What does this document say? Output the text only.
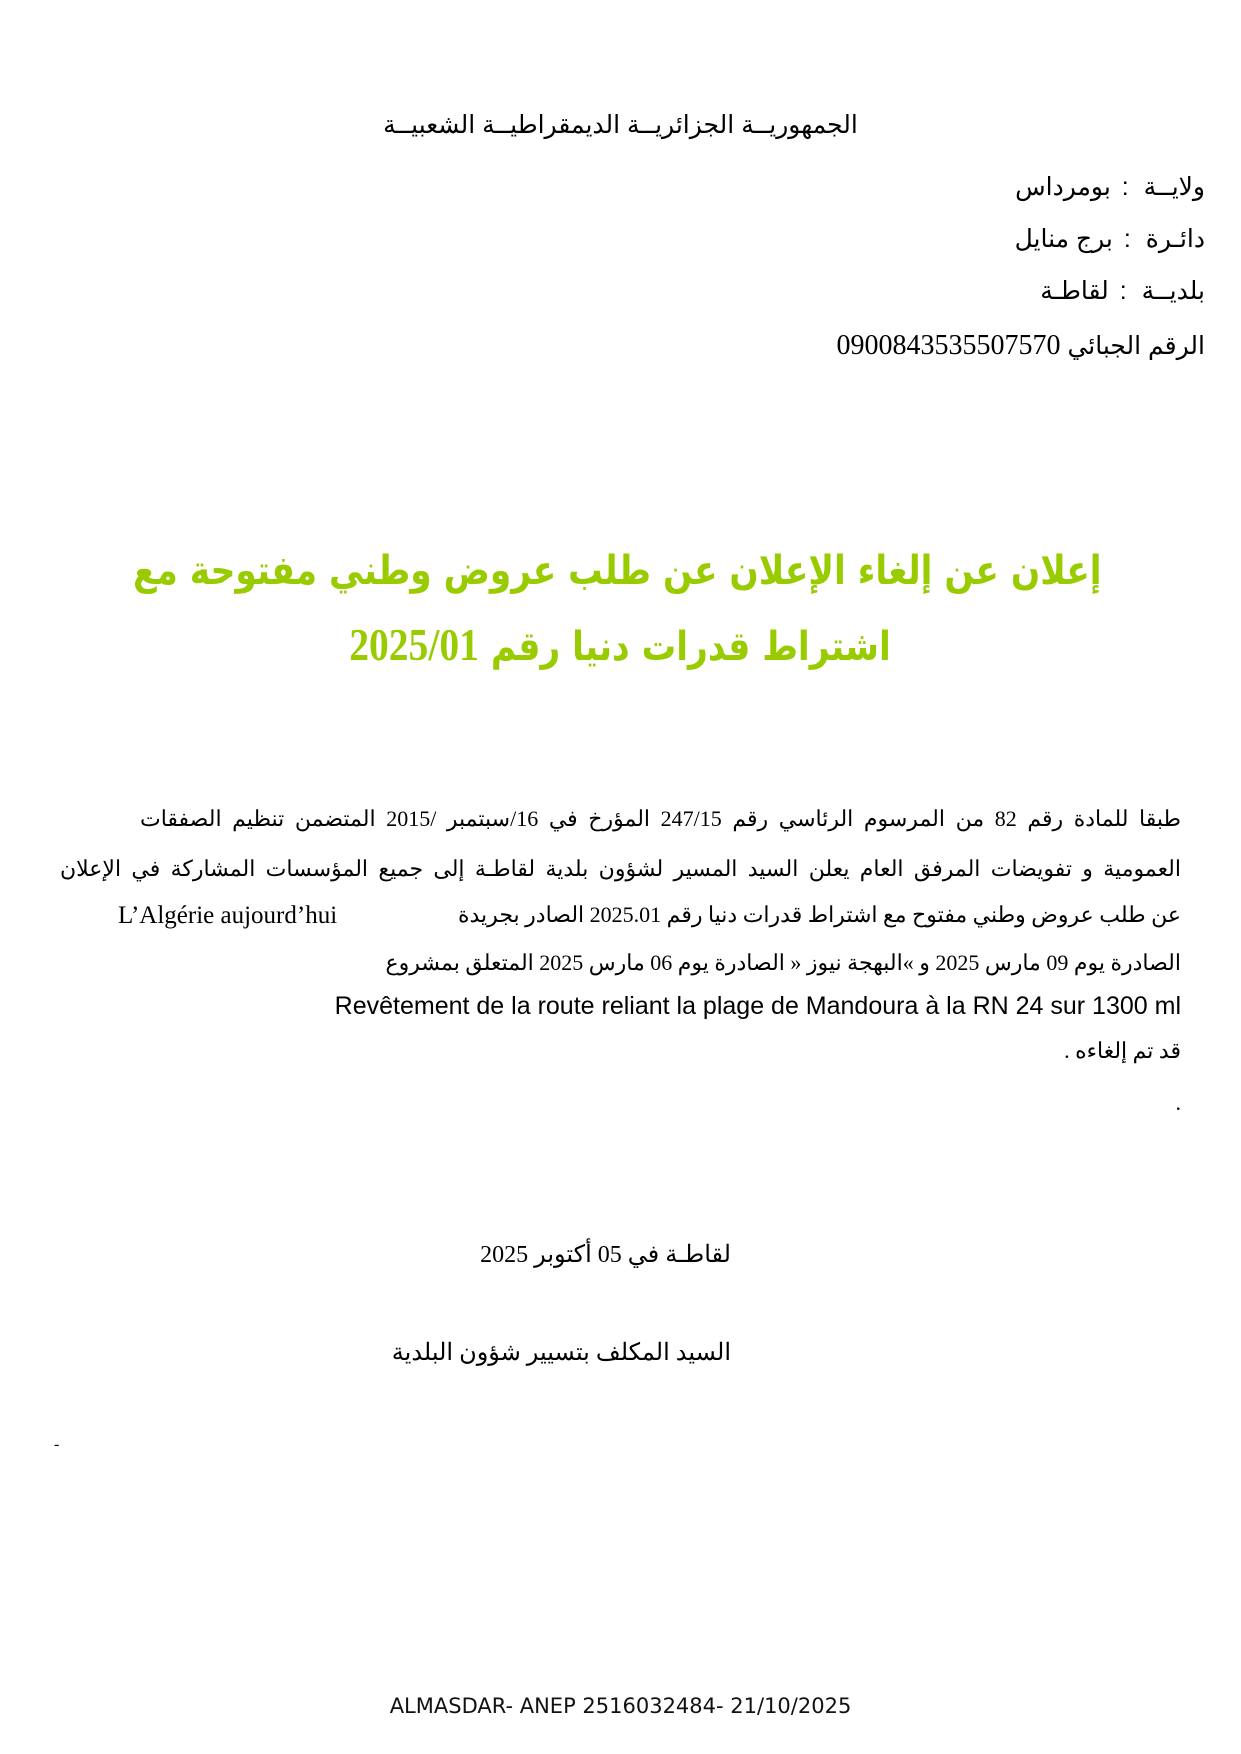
الجمهوريــة الجزائريــة الديمقراطيــة الشعبيــة
ولايــة : بومرداس
دائـرة : برج منايل
بلديــة : لقاطـة
الرقم الجبائي 0900843535507570
إعلان عن إلغاء الإعلان عن طلب عروض وطني مفتوحة مع
اشتراط قدرات دنيا رقم 2025/01
طبقا للمادة رقم 82 من المرسوم الرئاسي رقم 247/15 المؤرخ في 16/سبتمبر /2015 المتضمن تنظيم الصفقات
العمومية و تفويضات المرفق العام يعلن السيد المسير لشؤون بلدية لقاطـة إلى جميع المؤسسات المشاركة في الإعلان
عن طلب عروض وطني مفتوح مع اشتراط قدرات دنيا رقم 2025.01 الصادر بجريدة
L’Algérie aujourd’hui
الصادرة يوم 09 مارس 2025 و »البهجة نيوز « الصادرة يوم 06 مارس 2025 المتعلق بمشروع
Revêtement de la route reliant la plage de Mandoura à la RN 24 sur 1300 ml
قد تم إلغاءه .
.
لقاطـة في 05 أكتوبر 2025
السيد المكلف بتسيير شؤون البلدية
-
ALMASDAR- ANEP 2516032484- 21/10/2025
